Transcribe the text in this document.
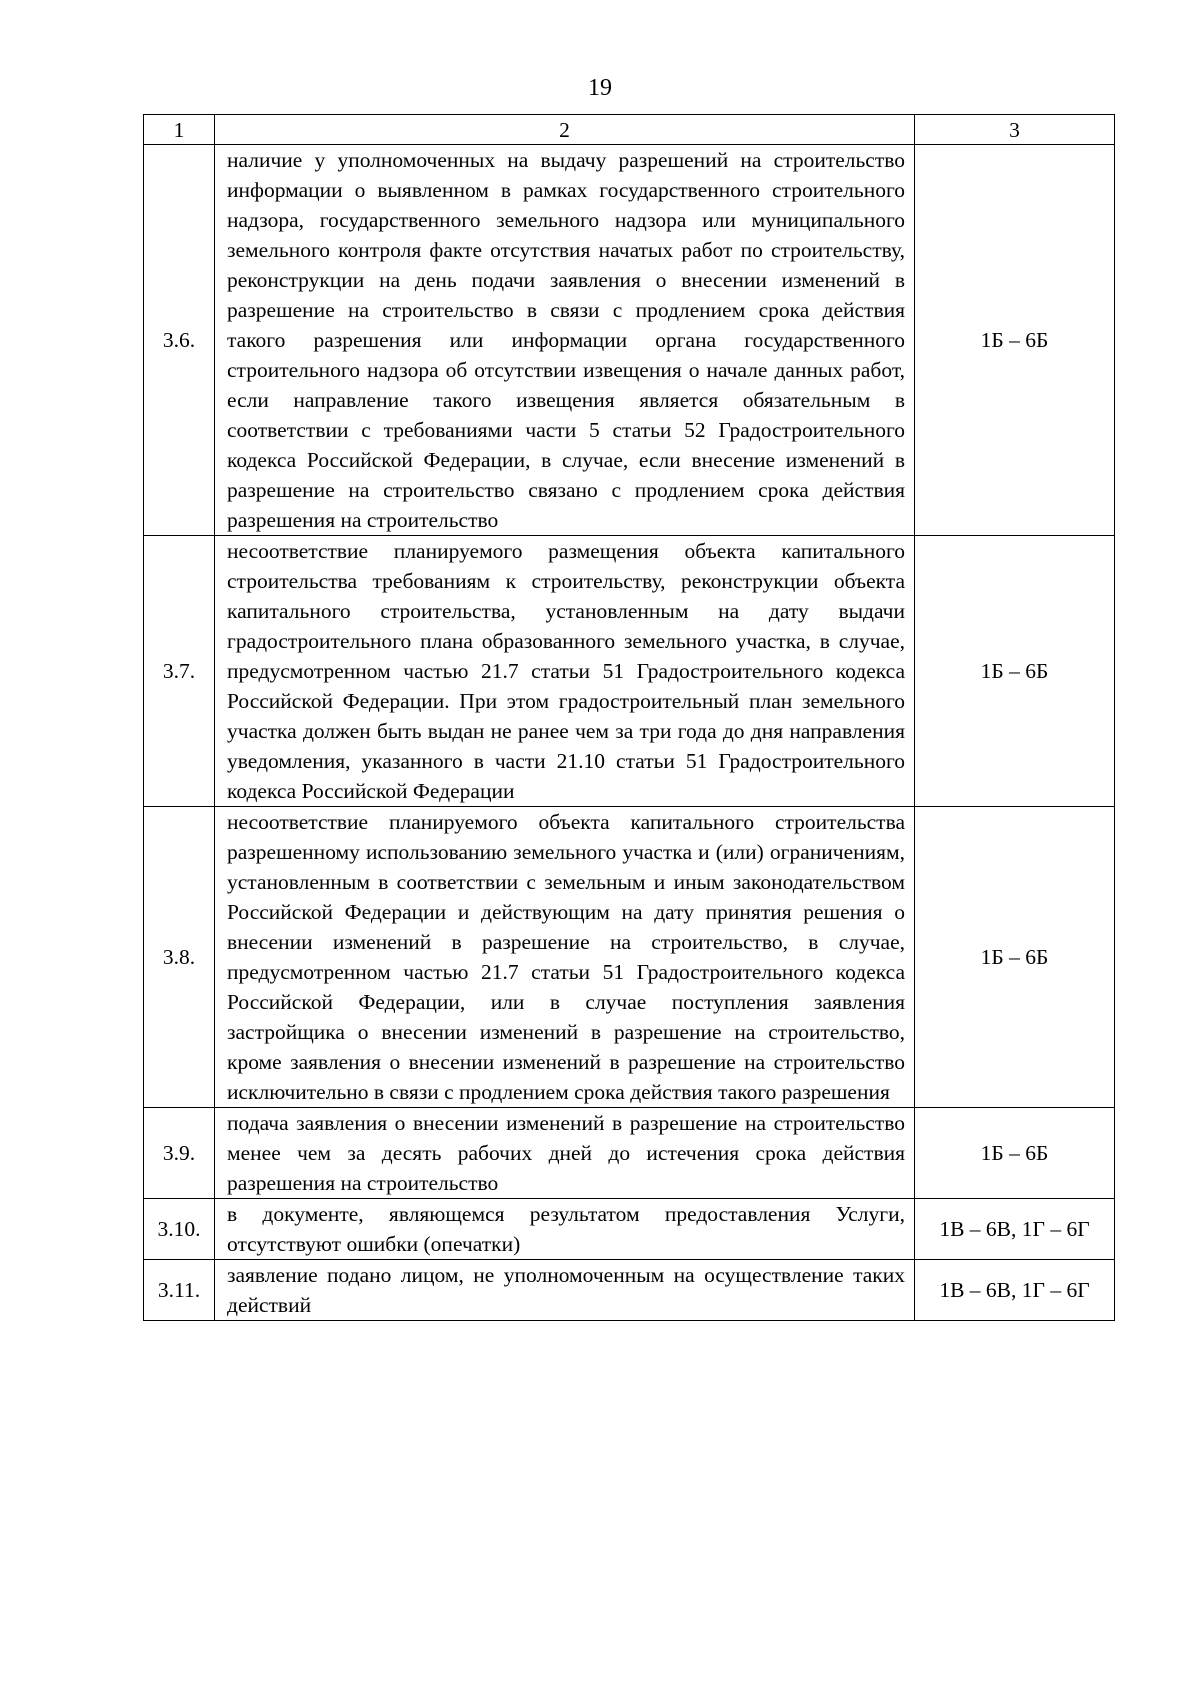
19
1	2	3
3.6.	наличие у уполномоченных на выдачу разрешений на строительство информации о выявленном в рамках государственного строительного надзора, государственного земельного надзора или муниципального земельного контроля факте отсутствия начатых работ по строительству, реконструкции на день подачи заявления о внесении изменений в разрешение на строительство в связи с продлением срока действия такого разрешения или информации органа государственного строительного надзора об отсутствии извещения о начале данных работ, если направление такого извещения является обязательным в соответствии с требованиями части 5 статьи 52 Градостроительного кодекса Российской Федерации, в случае, если внесение изменений в разрешение на строительство связано с продлением срока действия разрешения на строительство	1Б – 6Б
3.7.	несоответствие планируемого размещения объекта капитального строительства требованиям к строительству, реконструкции объекта капитального строительства, установленным на дату выдачи градостроительного плана образованного земельного участка, в случае, предусмотренном частью 21.7 статьи 51 Градостроительного кодекса Российской Федерации. При этом градостроительный план земельного участка должен быть выдан не ранее чем за три года до дня направления уведомления, указанного в части 21.10 статьи 51 Градостроительного кодекса Российской Федерации	1Б – 6Б
3.8.	несоответствие планируемого объекта капитального строительства разрешенному использованию земельного участка и (или) ограничениям, установленным в соответствии с земельным и иным законодательством Российской Федерации и действующим на дату принятия решения о внесении изменений в разрешение на строительство, в случае, предусмотренном частью 21.7 статьи 51 Градостроительного кодекса Российской Федерации, или в случае поступления заявления застройщика о внесении изменений в разрешение на строительство, кроме заявления о внесении изменений в разрешение на строительство исключительно в связи с продлением срока действия такого разрешения	1Б – 6Б
3.9.	подача заявления о внесении изменений в разрешение на строительство менее чем за десять рабочих дней до истечения срока действия разрешения на строительство	1Б – 6Б
3.10.	в документе, являющемся результатом предоставления Услуги, отсутствуют ошибки (опечатки)	1В – 6В, 1Г – 6Г
3.11.	заявление подано лицом, не уполномоченным на осуществление таких действий	1В – 6В, 1Г – 6Г
